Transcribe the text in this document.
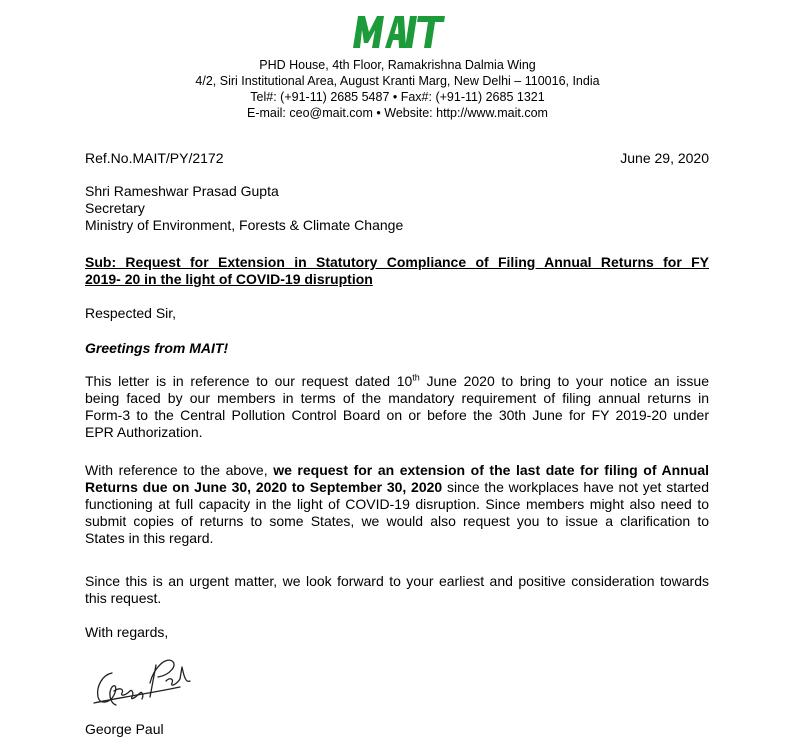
PHD House, 4th Floor, Ramakrishna Dalmia Wing
4/2, Siri Institutional Area, August Kranti Marg, New Delhi – 110016, India
Tel#: (+91-11) 2685 5487 • Fax#: (+91-11) 2685 1321
E-mail: ceo@mait.com • Website: http://www.mait.com
Ref.No.MAIT/PY/2172	June 29, 2020
Shri Rameshwar Prasad Gupta
Secretary
Ministry of Environment, Forests & Climate Change
Sub: Request for Extension in Statutory Compliance of Filing Annual Returns for FY
2019- 20 in the light of COVID-19 disruption
Respected Sir,
Greetings from MAIT!
This letter is in reference to our request dated 10th June 2020 to bring to your notice an issue
being faced by our members in terms of the mandatory requirement of filing annual returns in
Form-3 to the Central Pollution Control Board on or before the 30th June for FY 2019-20 under
EPR Authorization.
With reference to the above, we request for an extension of the last date for filing of Annual
Returns due on June 30, 2020 to September 30, 2020 since the workplaces have not yet started
functioning at full capacity in the light of COVID-19 disruption. Since members might also need to
submit copies of returns to some States, we would also request you to issue a clarification to
States in this regard.
Since this is an urgent matter, we look forward to your earliest and positive consideration towards
this request.
With regards,
George Paul
